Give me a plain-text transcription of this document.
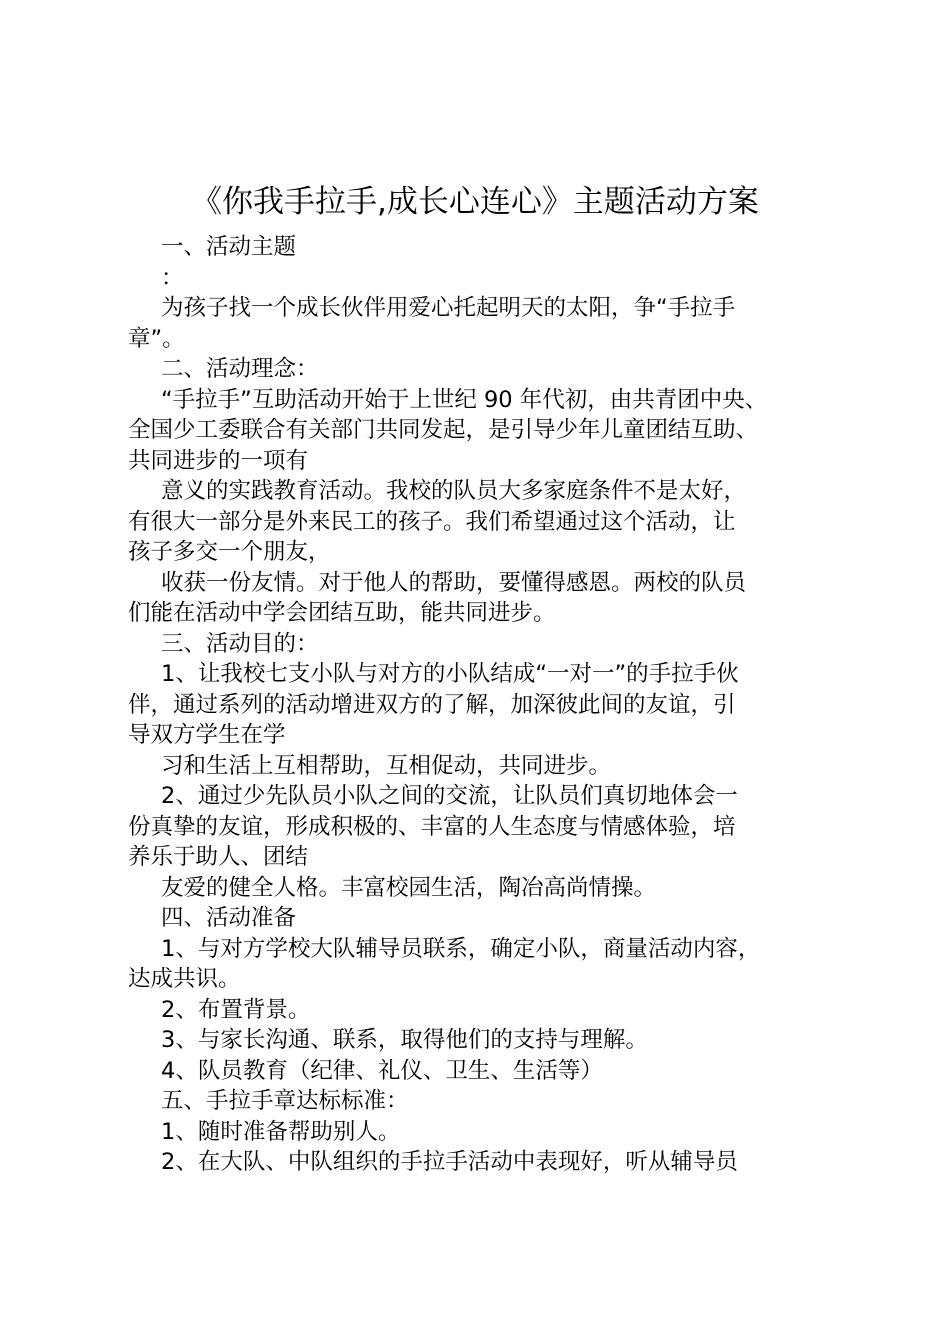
《你我手拉手,成长心连心》主题活动方案
一、活动主题
：
为孩子找一个成长伙伴用爱心托起明天的太阳，争“手拉手
章”。
二、活动理念：
“手拉手”互助活动开始于上世纪 90 年代初，由共青团中央、
全国少工委联合有关部门共同发起，是引导少年儿童团结互助、
共同进步的一项有
意义的实践教育活动。我校的队员大多家庭条件不是太好，
有很大一部分是外来民工的孩子。我们希望通过这个活动，让
孩子多交一个朋友，
收获一份友情。对于他人的帮助，要懂得感恩。两校的队员
们能在活动中学会团结互助，能共同进步。
三、活动目的：
1、让我校七支小队与对方的小队结成“一对一”的手拉手伙
伴，通过系列的活动增进双方的了解，加深彼此间的友谊，引
导双方学生在学
习和生活上互相帮助，互相促动，共同进步。
2、通过少先队员小队之间的交流，让队员们真切地体会一
份真挚的友谊，形成积极的、丰富的人生态度与情感体验，培
养乐于助人、团结
友爱的健全人格。丰富校园生活，陶冶高尚情操。
四、活动准备
1、与对方学校大队辅导员联系，确定小队，商量活动内容，
达成共识。
2、布置背景。
3、与家长沟通、联系，取得他们的支持与理解。
4、队员教育（纪律、礼仪、卫生、生活等）
五、手拉手章达标标准：
1、随时准备帮助别人。
2、在大队、中队组织的手拉手活动中表现好，听从辅导员
